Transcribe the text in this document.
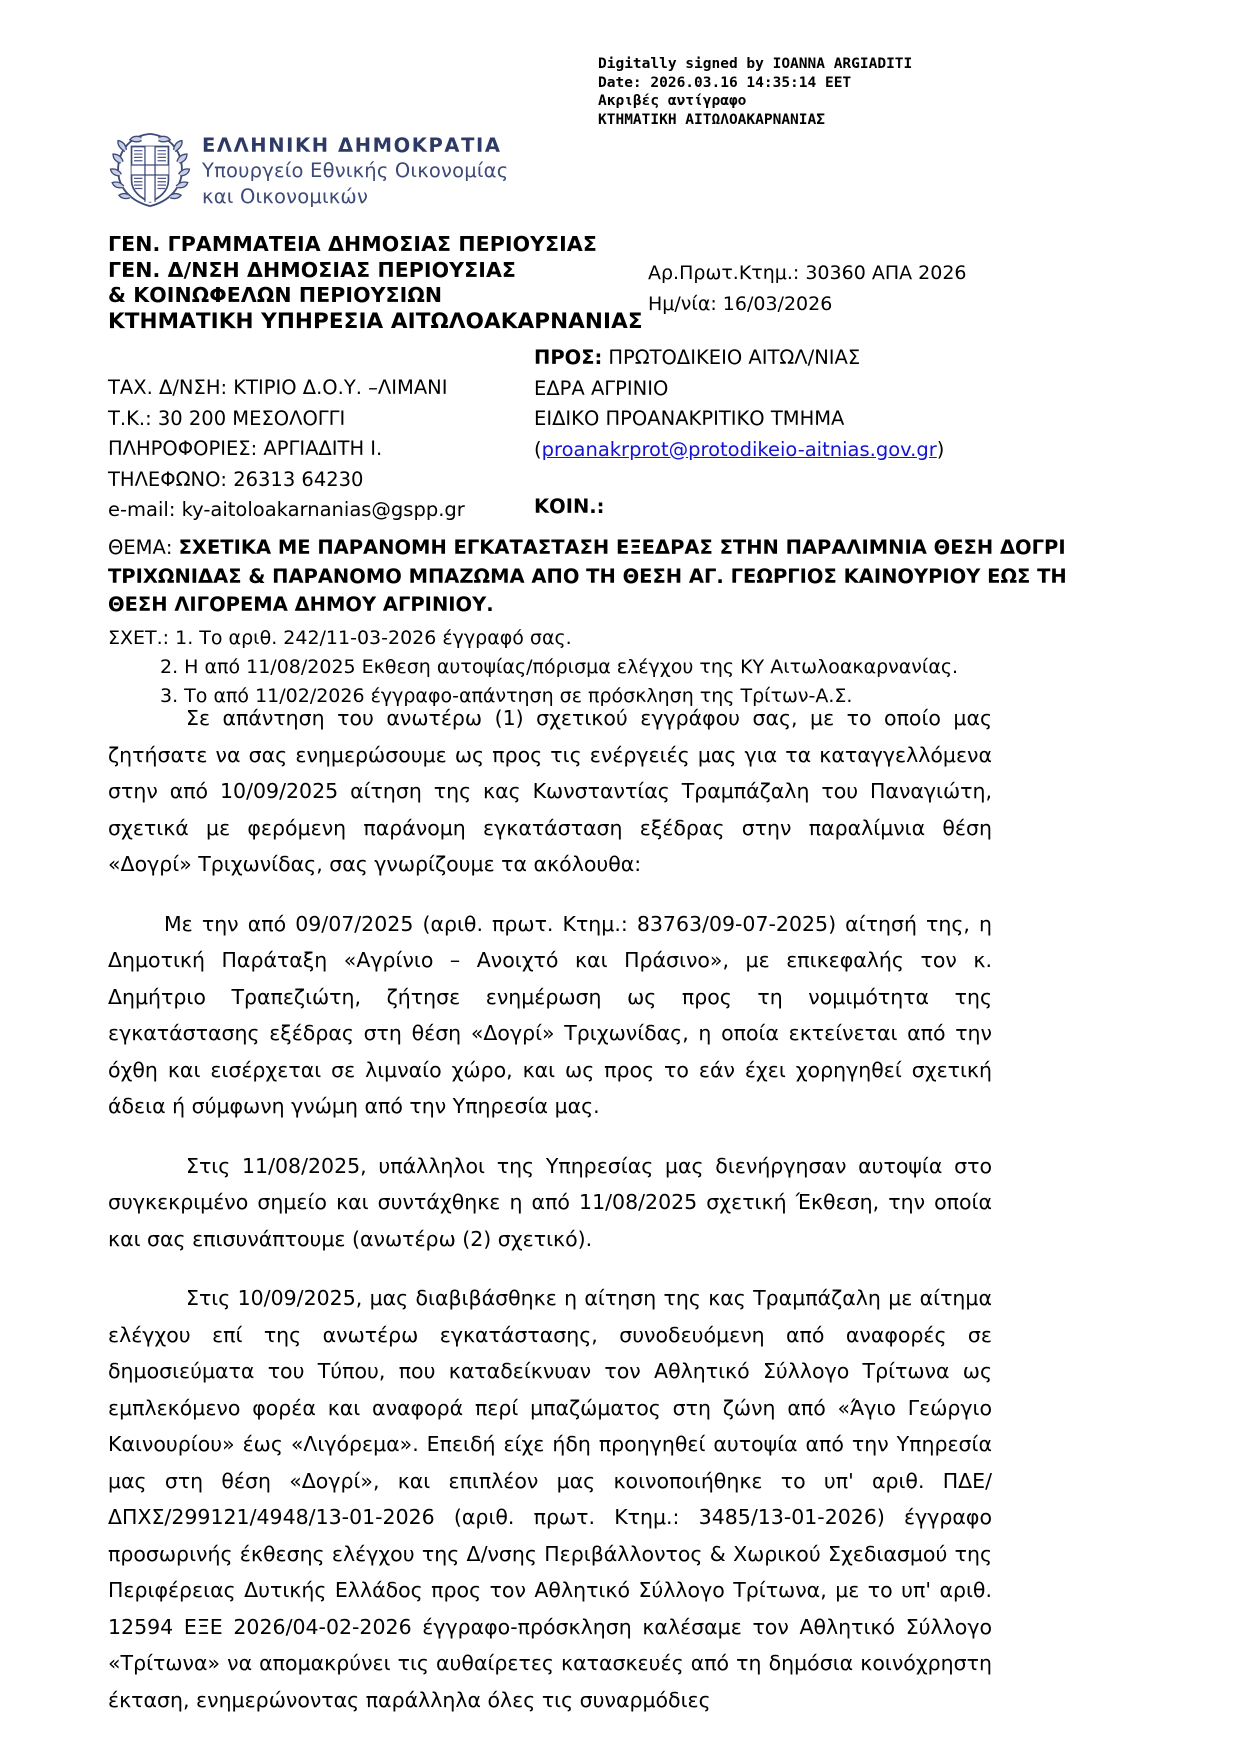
Digitally signed by IOANNA ARGIADITI
Date: 2026.03.16 14:35:14 EET
Ακριβές αντίγραφο
ΚΤΗΜΑΤΙΚΗ ΑΙΤΩΛΟΑΚΑΡΝΑΝΙΑΣ
ΕΛΛΗΝΙΚΗ ΔΗΜΟΚΡΑΤΙΑ
Υπουργείο Εθνικής Οικονομίας
και Οικονομικών
ΓΕΝ. ΓΡΑΜΜΑΤΕΙΑ ΔΗΜΟΣΙΑΣ ΠΕΡΙΟΥΣΙΑΣ
ΓΕΝ. Δ/ΝΣΗ ΔΗΜΟΣΙΑΣ ΠΕΡΙΟΥΣΙΑΣ
& ΚΟΙΝΩΦΕΛΩΝ ΠΕΡΙΟΥΣΙΩΝ
ΚΤΗΜΑΤΙΚΗ ΥΠΗΡΕΣΙΑ ΑΙΤΩΛΟΑΚΑΡΝΑΝΙΑΣ
Αρ.Πρωτ.Κτημ.: 30360 ΑΠΑ 2026
Ημ/νία: 16/03/2026
ΤΑΧ. Δ/ΝΣΗ: ΚΤΙΡΙΟ Δ.Ο.Υ. –ΛΙΜΑΝΙ
Τ.Κ.: 30 200 ΜΕΣΟΛΟΓΓΙ
ΠΛΗΡΟΦΟΡΙΕΣ: ΑΡΓΙΑΔΙΤΗ Ι.
ΤΗΛΕΦΩΝΟ: 26313 64230
e-mail: ky-aitoloakarnanias@gspp.gr
ΠΡΟΣ: ΠΡΩΤΟΔΙΚΕΙΟ ΑΙΤΩΛ/ΝΙΑΣ
ΕΔΡΑ ΑΓΡΙΝΙΟ
ΕΙΔΙΚΟ ΠΡΟΑΝΑΚΡΙΤΙΚΟ ΤΜΗΜΑ
(proanakrprot@protodikeio-aitnias.gov.gr)
ΚΟΙΝ.:
ΘΕΜΑ: ΣΧΕΤΙΚΑ ΜΕ ΠΑΡΑΝΟΜΗ ΕΓΚΑΤΑΣΤΑΣΗ ΕΞΕΔΡΑΣ ΣΤΗΝ ΠΑΡΑΛΙΜΝΙΑ ΘΕΣΗ ΔΟΓΡΙ ΤΡΙΧΩΝΙΔΑΣ & ΠΑΡΑΝΟΜΟ ΜΠΑΖΩΜΑ ΑΠΟ ΤΗ ΘΕΣΗ ΑΓ. ΓΕΩΡΓΙΟΣ ΚΑΙΝΟΥΡΙΟΥ ΕΩΣ ΤΗ ΘΕΣΗ ΛΙΓΟΡΕΜΑ ΔΗΜΟΥ ΑΓΡΙΝΙΟΥ.
ΣΧΕΤ.: 1. Το αριθ. 242/11-03-2026 έγγραφό σας.
2. Η από 11/08/2025 Εκθεση αυτοψίας/πόρισμα ελέγχου της ΚΥ Αιτωλοακαρνανίας.
3. Το από 11/02/2026 έγγραφο-απάντηση σε πρόσκληση της Τρίτων-Α.Σ.

Σε απάντηση του ανωτέρω (1) σχετικού εγγράφου σας, με το οποίο μας ζητήσατε να σας ενημερώσουμε ως προς τις ενέργειές μας για τα καταγγελλόμενα στην από 10/09/2025 αίτηση της κας Κωνσταντίας Τραμπάζαλη του Παναγιώτη, σχετικά με φερόμενη παράνομη εγκατάσταση εξέδρας στην παραλίμνια θέση «Δογρί» Τριχωνίδας, σας γνωρίζουμε τα ακόλουθα:

Με την από 09/07/2025 (αριθ. πρωτ. Κτημ.: 83763/09-07-2025) αίτησή της, η Δημοτική Παράταξη «Αγρίνιο – Ανοιχτό και Πράσινο», με επικεφαλής τον κ. Δημήτριο Τραπεζιώτη, ζήτησε ενημέρωση ως προς τη νομιμότητα της εγκατάστασης εξέδρας στη θέση «Δογρί» Τριχωνίδας, η οποία εκτείνεται από την όχθη και εισέρχεται σε λιμναίο χώρο, και ως προς το εάν έχει χορηγηθεί σχετική άδεια ή σύμφωνη γνώμη από την Υπηρεσία μας.

Στις 11/08/2025, υπάλληλοι της Υπηρεσίας μας διενήργησαν αυτοψία στο συγκεκριμένο σημείο και συντάχθηκε η από 11/08/2025 σχετική Έκθεση, την οποία και σας επισυνάπτουμε (ανωτέρω (2) σχετικό).

Στις 10/09/2025, μας διαβιβάσθηκε η αίτηση της κας Τραμπάζαλη με αίτημα ελέγχου επί της ανωτέρω εγκατάστασης, συνοδευόμενη από αναφορές σε δημοσιεύματα του Τύπου, που καταδείκνυαν τον Αθλητικό Σύλλογο Τρίτωνα ως εμπλεκόμενο φορέα και αναφορά περί μπαζώματος στη ζώνη από «Άγιο Γεώργιο Καινουρίου» έως «Λιγόρεμα». Επειδή είχε ήδη προηγηθεί αυτοψία από την Υπηρεσία μας στη θέση «Δογρί», και επιπλέον μας κοινοποιήθηκε το υπ' αριθ. ΠΔΕ/ΔΠΧΣ/299121/4948/13-01-2026 (αριθ. πρωτ. Κτημ.: 3485/13-01-2026) έγγραφο προσωρινής έκθεσης ελέγχου της Δ/νσης Περιβάλλοντος & Χωρικού Σχεδιασμού της Περιφέρειας Δυτικής Ελλάδος προς τον Αθλητικό Σύλλογο Τρίτωνα, με το υπ' αριθ. 12594 ΕΞΕ 2026/04-02-2026 έγγραφο-πρόσκληση καλέσαμε τον Αθλητικό Σύλλογο «Τρίτωνα» να απομακρύνει τις αυθαίρετες κατασκευές από τη δημόσια κοινόχρηστη έκταση, ενημερώνοντας παράλληλα όλες τις συναρμόδιες
